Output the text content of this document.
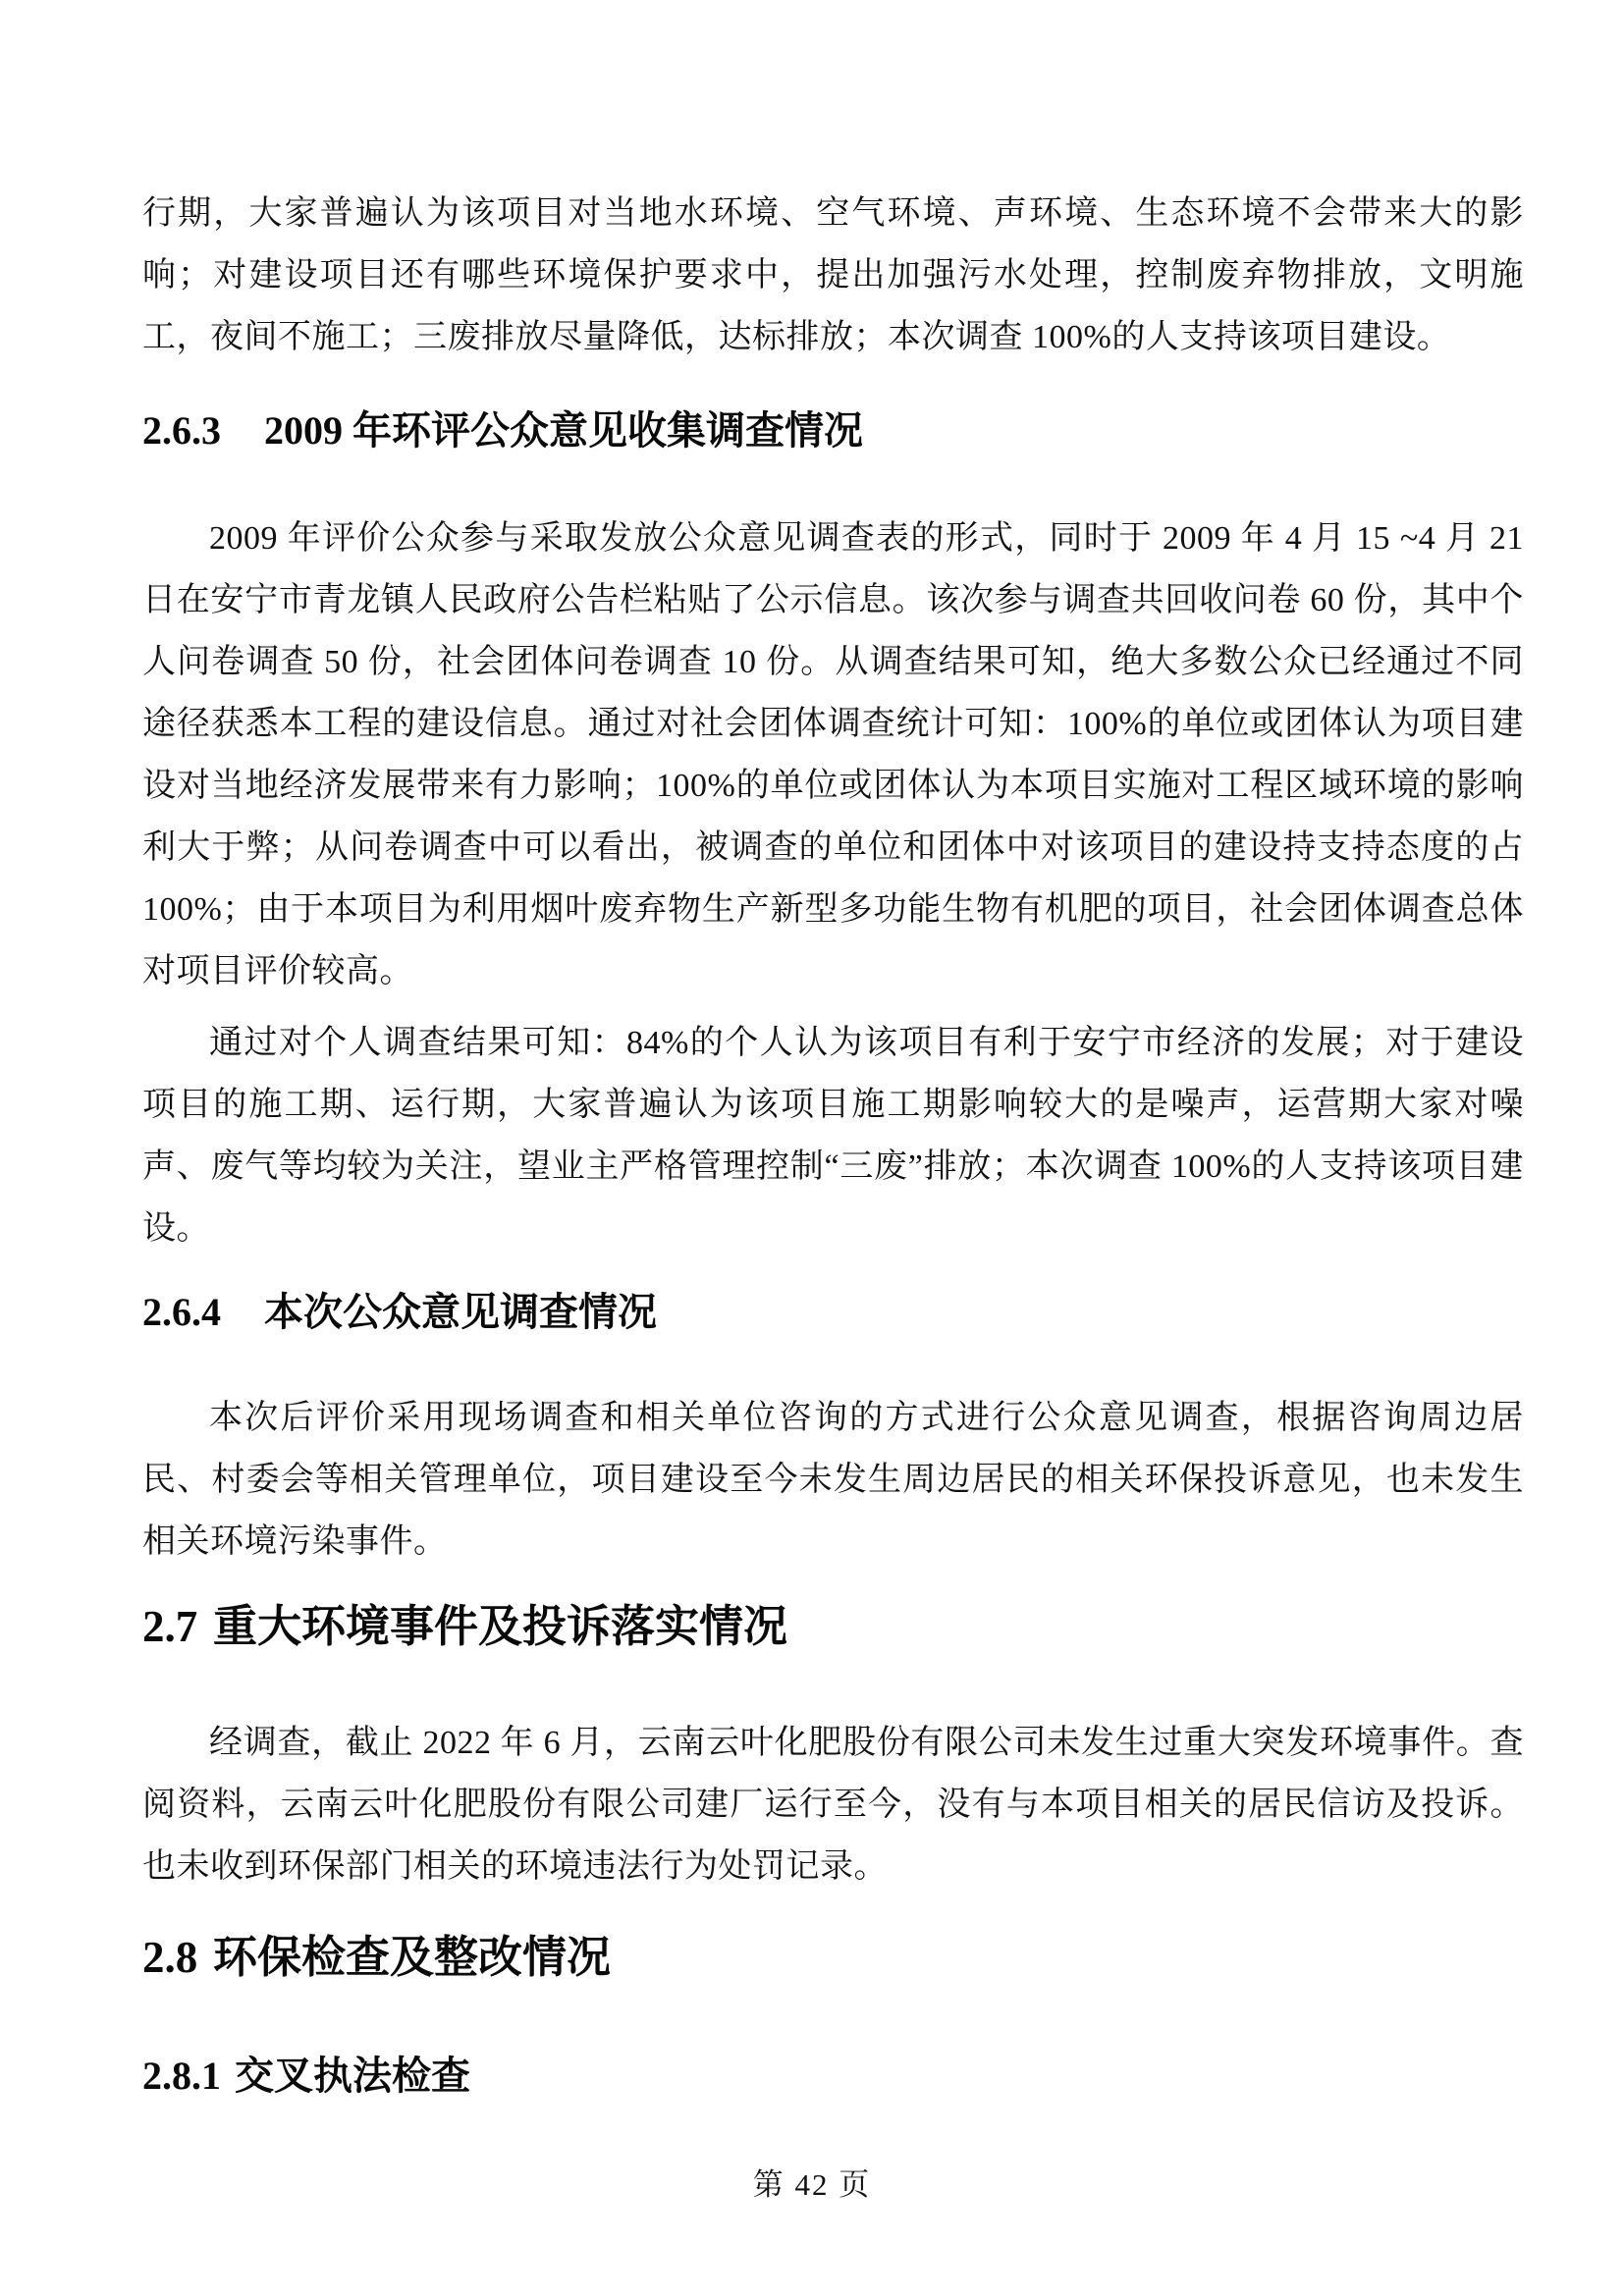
行期，大家普遍认为该项目对当地水环境、空气环境、声环境、生态环境不会带来大的影响；对建设项目还有哪些环境保护要求中，提出加强污水处理，控制废弃物排放，文明施工，夜间不施工；三废排放尽量降低，达标排放；本次调查 100%的人支持该项目建设。

2.6.3 2009 年环评公众意见收集调查情况

2009 年评价公众参与采取发放公众意见调查表的形式，同时于 2009 年 4 月 15 ~4 月 21 日在安宁市青龙镇人民政府公告栏粘贴了公示信息。该次参与调查共回收问卷 60 份，其中个人问卷调查 50 份，社会团体问卷调查 10 份。从调查结果可知，绝大多数公众已经通过不同途径获悉本工程的建设信息。通过对社会团体调查统计可知：100%的单位或团体认为项目建设对当地经济发展带来有力影响；100%的单位或团体认为本项目实施对工程区域环境的影响利大于弊；从问卷调查中可以看出，被调查的单位和团体中对该项目的建设持支持态度的占 100%；由于本项目为利用烟叶废弃物生产新型多功能生物有机肥的项目，社会团体调查总体对项目评价较高。

通过对个人调查结果可知：84%的个人认为该项目有利于安宁市经济的发展；对于建设项目的施工期、运行期，大家普遍认为该项目施工期影响较大的是噪声，运营期大家对噪声、废气等均较为关注，望业主严格管理控制“三废”排放；本次调查 100%的人支持该项目建设。

2.6.4 本次公众意见调查情况

本次后评价采用现场调查和相关单位咨询的方式进行公众意见调查，根据咨询周边居民、村委会等相关管理单位，项目建设至今未发生周边居民的相关环保投诉意见，也未发生相关环境污染事件。

2.7 重大环境事件及投诉落实情况

经调查，截止 2022 年 6 月，云南云叶化肥股份有限公司未发生过重大突发环境事件。查阅资料，云南云叶化肥股份有限公司建厂运行至今，没有与本项目相关的居民信访及投诉。也未收到环保部门相关的环境违法行为处罚记录。

2.8 环保检查及整改情况
2.8.1 交叉执法检查
第 42 页
